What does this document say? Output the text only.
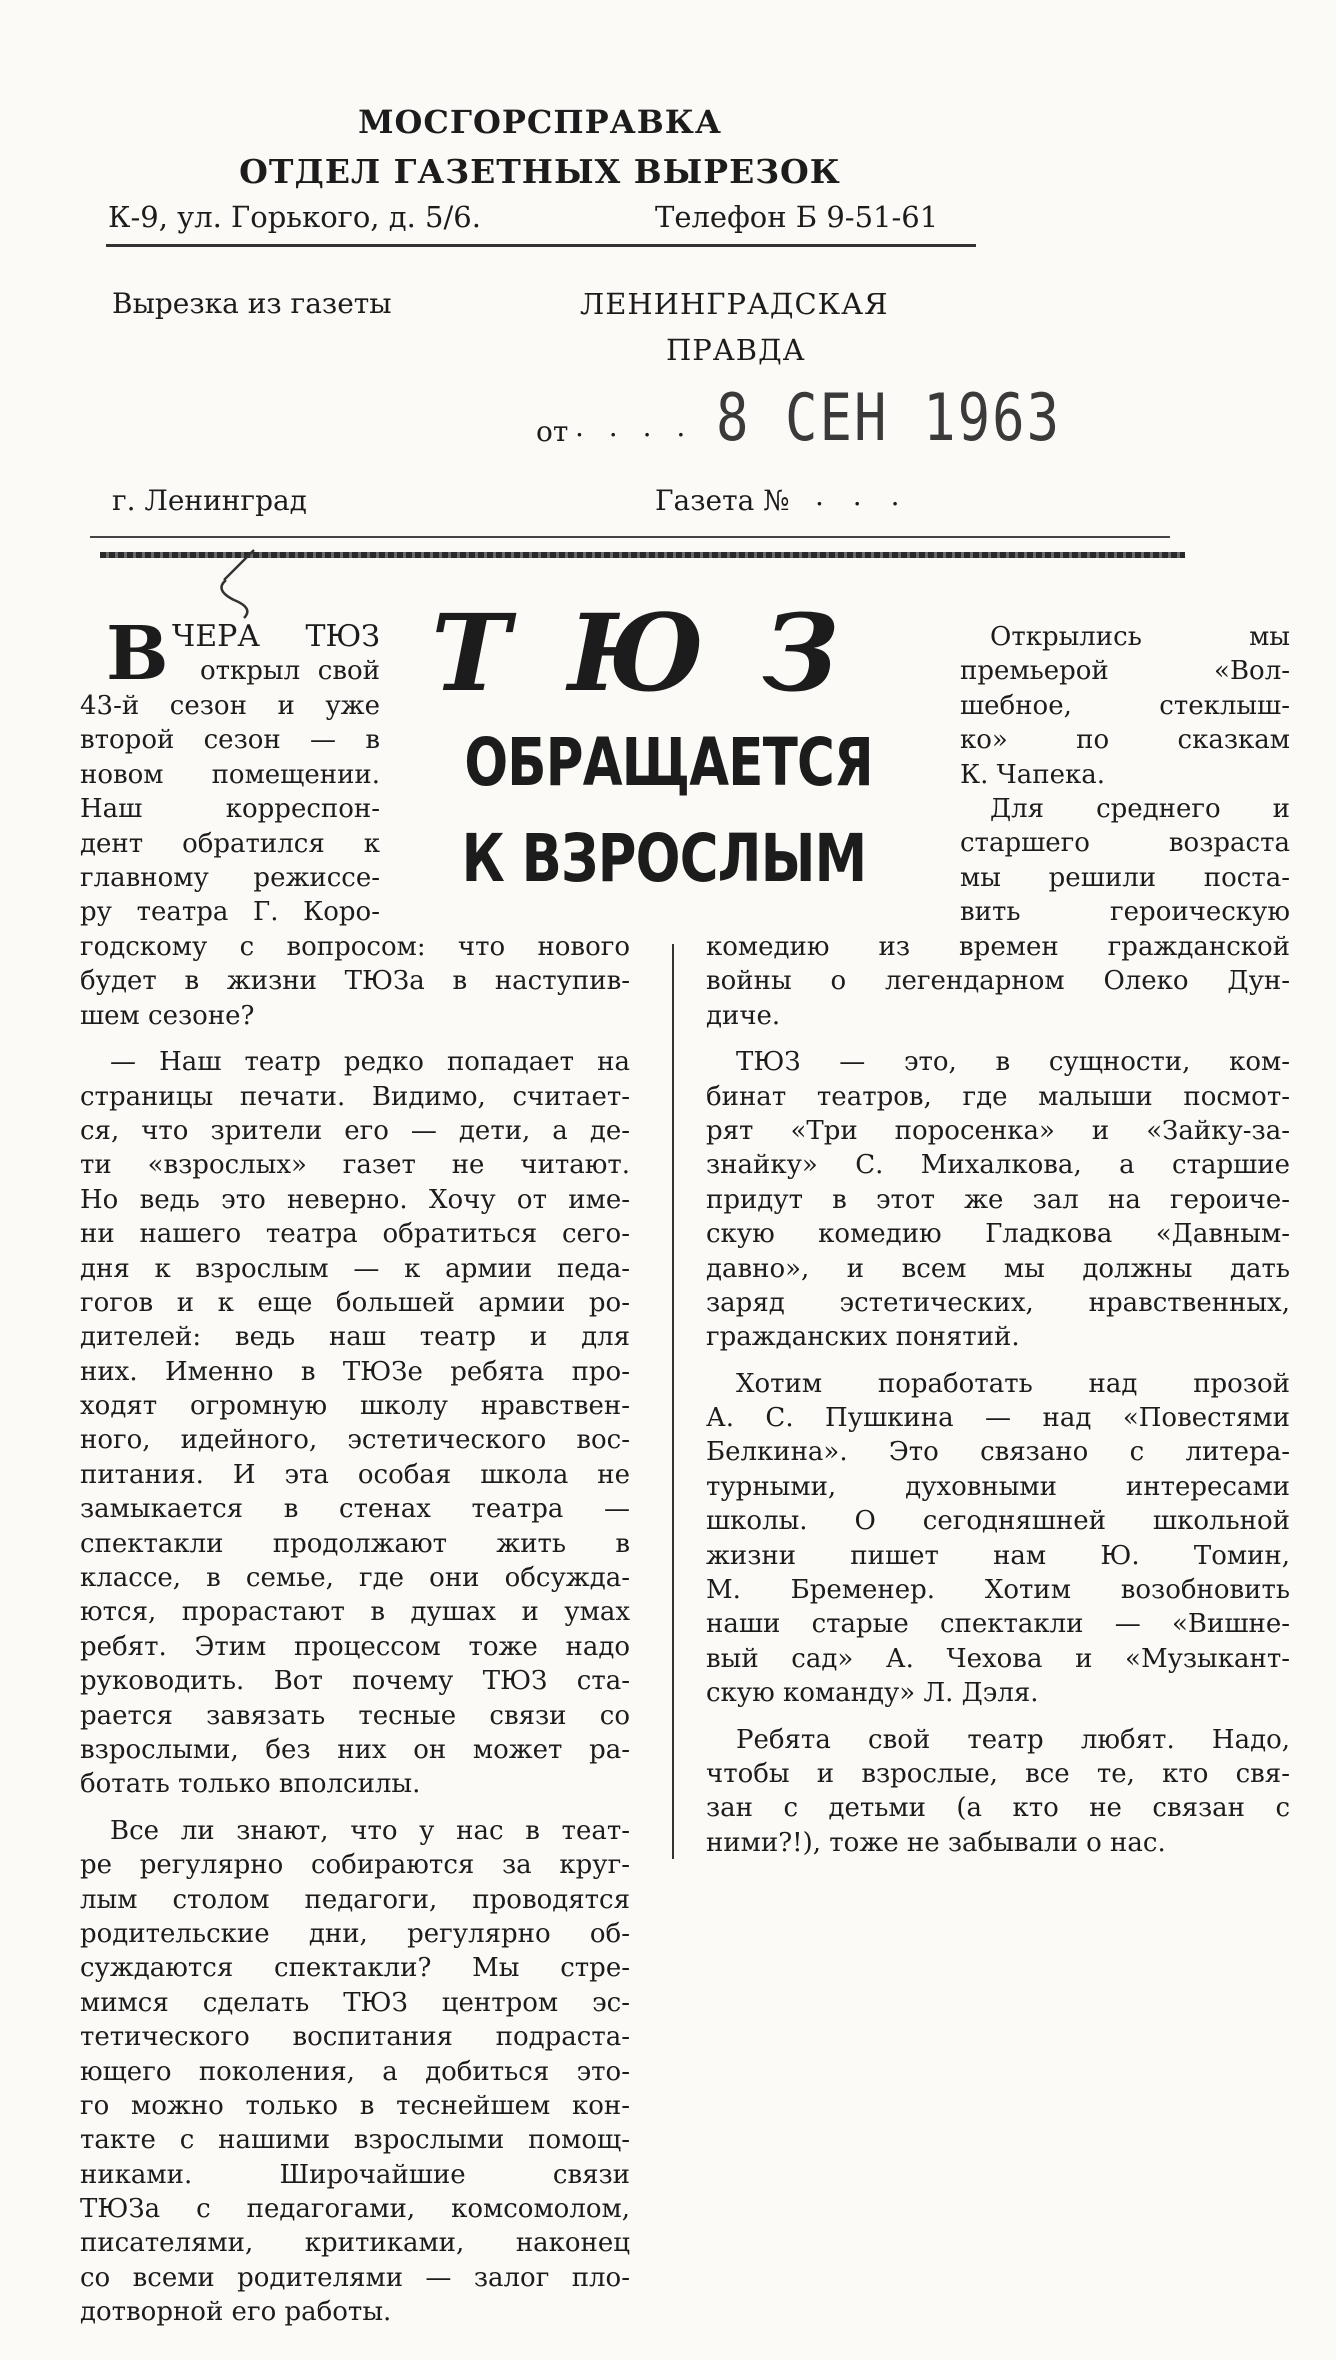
МОСГОРСПРАВКА
ОТДЕЛ ГАЗЕТНЫХ ВЫРЕЗОК
К-9, ул. Горького, д. 5/6.	Телефон Б 9-51-61
Вырезка из газеты	ЛЕНИНГРАДСКАЯ
ПРАВДА
от . . . . 8 СЕН 1963
г. Ленинград	Газета № . . .
ТЮЗ
ОБРАЩАЕТСЯ
К ВЗРОСЛЫМ
В ЧЕРА ТЮЗ
открыл свой
43-й сезон и уже
второй сезон — в
новом помещении.
Наш корреспон-
дент обратился к
главному режиссе-
ру театра Г. Коро-
годскому с вопросом: что нового
будет в жизни ТЮЗа в наступив-
шем сезоне?
— Наш театр редко попадает на
страницы печати. Видимо, считает-
ся, что зрители его — дети, а де-
ти «взрослых» газет не читают.
Но ведь это неверно. Хочу от име-
ни нашего театра обратиться сего-
дня к взрослым — к армии педа-
гогов и к еще большей армии ро-
дителей: ведь наш театр и для
них. Именно в ТЮЗе ребята про-
ходят огромную школу нравствен-
ного, идейного, эстетического вос-
питания. И эта особая школа не
замыкается в стенах театра —
спектакли продолжают жить в
классе, в семье, где они обсужда-
ются, прорастают в душах и умах
ребят. Этим процессом тоже надо
руководить. Вот почему ТЮЗ ста-
рается завязать тесные связи со
взрослыми, без них он может ра-
ботать только вполсилы.
Все ли знают, что у нас в теат-
ре регулярно собираются за круг-
лым столом педагоги, проводятся
родительские дни, регулярно об-
суждаются спектакли? Мы стре-
мимся сделать ТЮЗ центром эс-
тетического воспитания подраста-
ющего поколения, а добиться это-
го можно только в теснейшем кон-
такте с нашими взрослыми помощ-
никами. Широчайшие связи
ТЮЗа с педагогами, комсомолом,
писателями, критиками, наконец
со всеми родителями — залог пло-
дотворной его работы.
Открылись мы
премьерой «Вол-
шебное, стеклыш-
ко» по сказкам
К. Чапека.
Для среднего и
старшего возраста
мы решили поста-
вить героическую
комедию из времен гражданской
войны о легендарном Олеко Дун-
диче.
ТЮЗ — это, в сущности, ком-
бинат театров, где малыши посмот-
рят «Три поросенка» и «Зайку-за-
знайку» С. Михалкова, а старшие
придут в этот же зал на героиче-
скую комедию Гладкова «Давным-
давно», и всем мы должны дать
заряд эстетических, нравственных,
гражданских понятий.
Хотим поработать над прозой
А. С. Пушкина — над «Повестями
Белкина». Это связано с литера-
турными, духовными интересами
школы. О сегодняшней школьной
жизни пишет нам Ю. Томин,
М. Бременер. Хотим возобновить
наши старые спектакли — «Вишне-
вый сад» А. Чехова и «Музыкант-
скую команду» Л. Дэля.
Ребята свой театр любят. Надо,
чтобы и взрослые, все те, кто свя-
зан с детьми (а кто не связан с
ними?!), тоже не забывали о нас.
